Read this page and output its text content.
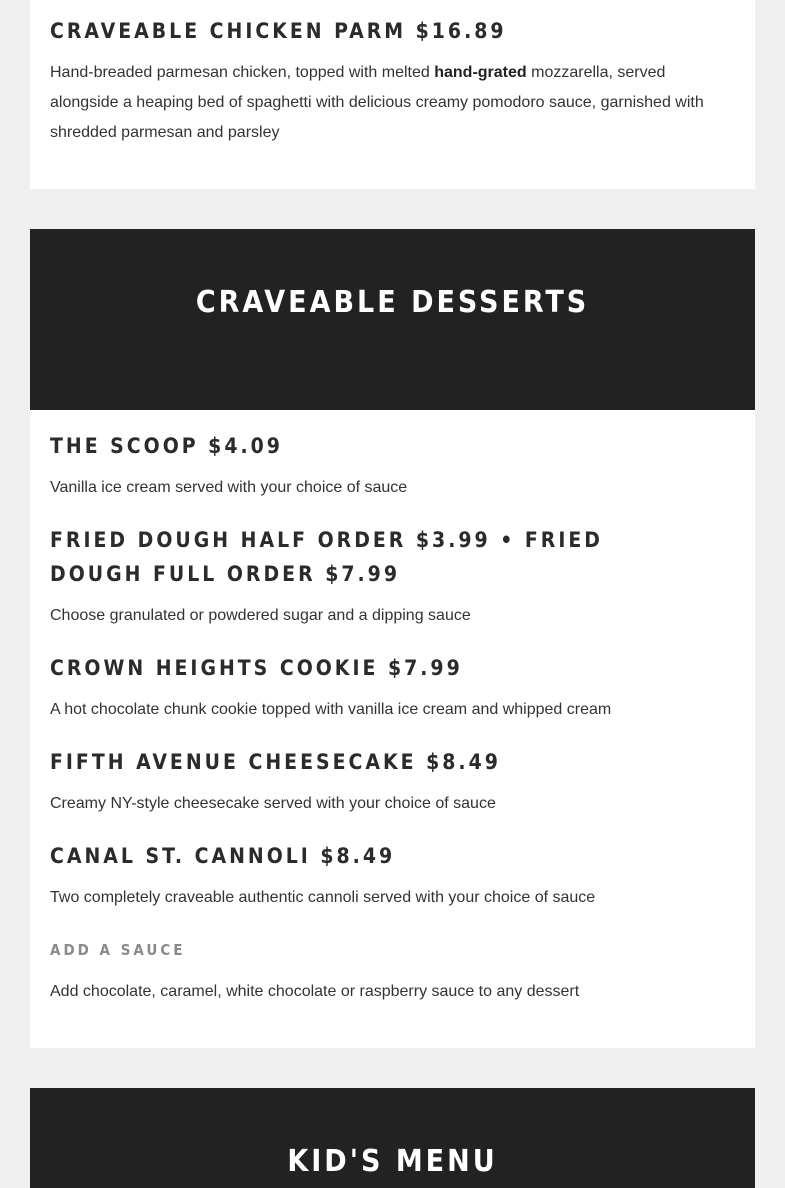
CRAVEABLE CHICKEN PARM $16.89

Hand-breaded parmesan chicken, topped with melted hand-grated mozzarella, served alongside a heaping bed of spaghetti with delicious creamy pomodoro sauce, garnished with shredded parmesan and parsley

CRAVEABLE DESSERTS
THE SCOOP $4.09

Vanilla ice cream served with your choice of sauce

FRIED DOUGH HALF ORDER $3.99 • FRIED DOUGH FULL ORDER $7.99

Choose granulated or powdered sugar and a dipping sauce

CROWN HEIGHTS COOKIE $7.99

A hot chocolate chunk cookie topped with vanilla ice cream and whipped cream

FIFTH AVENUE CHEESECAKE $8.49

Creamy NY-style cheesecake served with your choice of sauce

CANAL ST. CANNOLI $8.49

Two completely craveable authentic cannoli served with your choice of sauce

ADD A SAUCE

Add chocolate, caramel, white chocolate or raspberry sauce to any dessert

KID'S MENU
